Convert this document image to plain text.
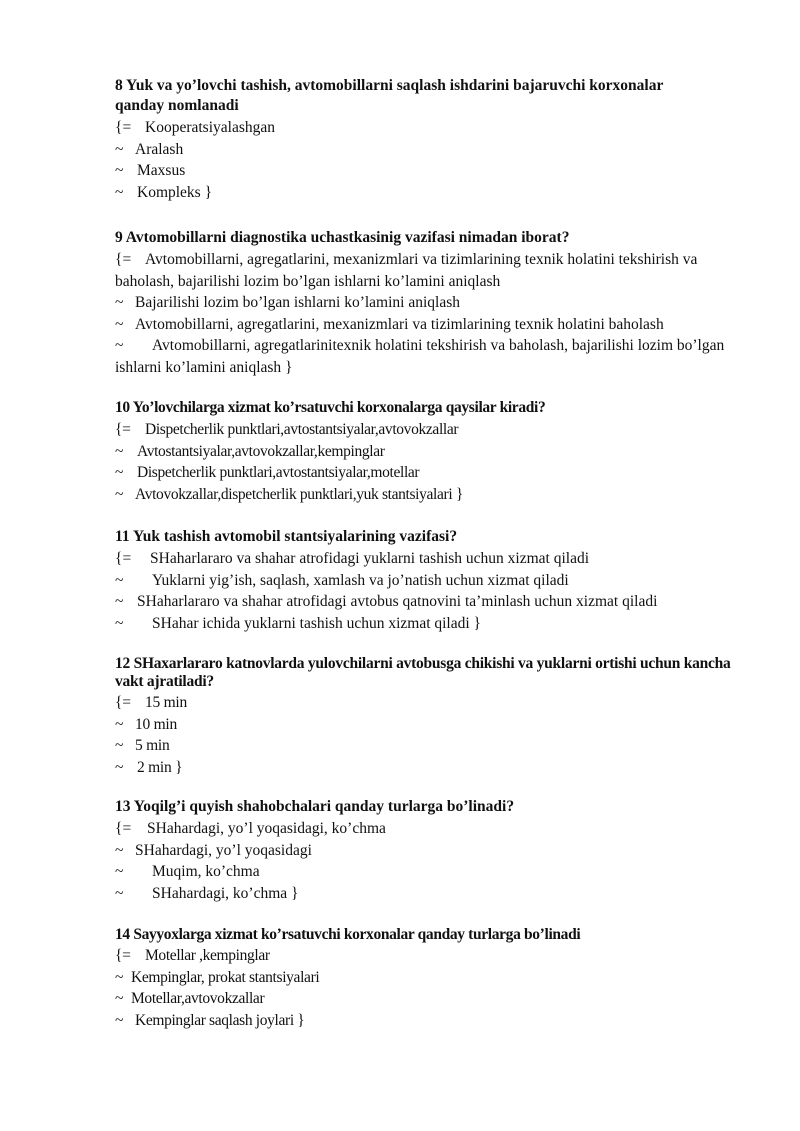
8 Yuk va yo’lovchi tashish, avtomobillarni saqlash ishdarini bajaruvchi korxonalar qanday nomlanadi

{= Kooperatsiyalashgan

~ Aralash

~ Maxsus

~ Kompleks }

9 Avtomobillarni diagnostika uchastkasinig vazifasi nimadan iborat?

{= Avtomobillarni, agregatlarini, mexanizmlari va tizimlarining texnik holatini tekshirish va baholash, bajarilishi lozim bo’lgan ishlarni ko’lamini aniqlash

~ Bajarilishi lozim bo’lgan ishlarni ko’lamini aniqlash

~ Avtomobillarni, agregatlarini, mexanizmlari va tizimlarining texnik holatini baholash

~ Avtomobillarni, agregatlarinitexnik holatini tekshirish va baholash, bajarilishi lozim bo’lgan ishlarni ko’lamini aniqlash }

10 Yo’lovchilarga xizmat ko’rsatuvchi korxonalarga qaysilar kiradi?

{= Dispetcherlik punktlari,avtostantsiyalar,avtovokzallar

~ Avtostantsiyalar,avtovokzallar,kempinglar

~ Dispetcherlik punktlari,avtostantsiyalar,motellar

~ Avtovokzallar,dispetcherlik punktlari,yuk stantsiyalari }

11 Yuk tashish avtomobil stantsiyalarining vazifasi?

{= SHaharlararo va shahar atrofidagi yuklarni tashish uchun xizmat qiladi

~ Yuklarni yig’ish, saqlash, xamlash va jo’natish uchun xizmat qiladi

~ SHaharlararo va shahar atrofidagi avtobus qatnovini ta’minlash uchun xizmat qiladi

~ SHahar ichida yuklarni tashish uchun xizmat qiladi }

12 SHaxarlararo katnovlarda yulovchilarni avtobusga chikishi va yuklarni ortishi uchun kancha vakt ajratiladi?

{= 15 min

~ 10 min

~ 5 min

~ 2 min }

13 Yoqilg’i quyish shahobchalari qanday turlarga bo’linadi?

{= SHahardagi, yo’l yoqasidagi, ko’chma

~ SHahardagi, yo’l yoqasidagi

~ Muqim, ko’chma

~ SHahardagi, ko’chma }

14 Sayyoxlarga xizmat ko’rsatuvchi korxonalar qanday turlarga bo’linadi

{= Motellar ,kempinglar

~ Kempinglar, prokat stantsiyalari

~ Motellar,avtovokzallar

~ Kempinglar saqlash joylari }
